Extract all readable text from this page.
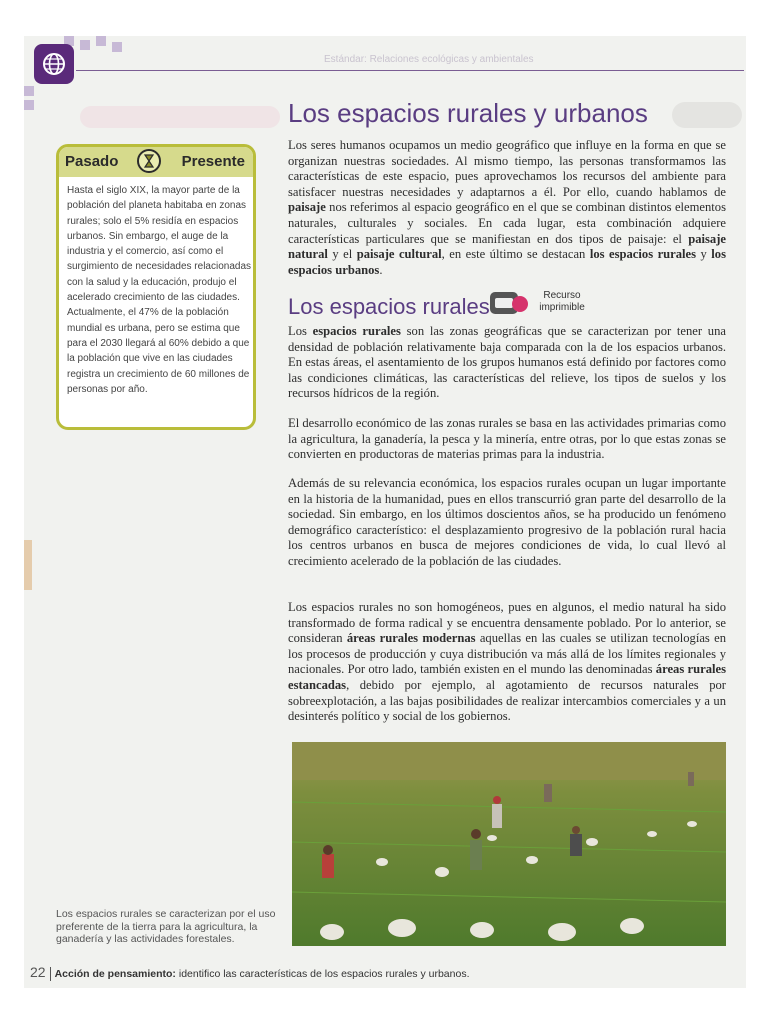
Estándar: Relaciones ecológicas y ambientales
Los espacios rurales y urbanos

Los seres humanos ocupamos un medio geográfico que influye en la forma en que se organizan nuestras sociedades. Al mismo tiempo, las personas transformamos las características de este espacio, pues aprovechamos los recursos del ambiente para satisfacer nuestras necesidades y adaptarnos a él. Por ello, cuando hablamos de paisaje nos referimos al espacio geográfico en el que se combinan distintos elementos naturales, culturales y sociales. En cada lugar, esta combinación adquiere características particulares que se manifiestan en dos tipos de paisaje: el paisaje natural y el paisaje cultural, en este último se destacan los espacios rurales y los espacios urbanos.

Los espacios rurales	Recurso imprimible

Los espacios rurales son las zonas geográficas que se caracterizan por tener una densidad de población relativamente baja comparada con la de los espacios urbanos. En estas áreas, el asentamiento de los grupos humanos está definido por factores como las condiciones climáticas, las características del relieve, los tipos de suelos y los recursos hídricos de la región.

El desarrollo económico de las zonas rurales se basa en las actividades primarias como la agricultura, la ganadería, la pesca y la minería, entre otras, por lo que estas zonas se convierten en productoras de materias primas para la industria.

Además de su relevancia económica, los espacios rurales ocupan un lugar importante en la historia de la humanidad, pues en ellos transcurrió gran parte del desarrollo de la sociedad. Sin embargo, en los últimos doscientos años, se ha producido un fenómeno demográfico característico: el desplazamiento progresivo de la población rural hacia los centros urbanos en busca de mejores condiciones de vida, lo cual llevó al crecimiento acelerado de la población de las ciudades.

Los espacios rurales no son homogéneos, pues en algunos, el medio natural ha sido transformado de forma radical y se encuentra densamente poblado. Por lo anterior, se consideran áreas rurales modernas aquellas en las cuales se utilizan tecnologías en los procesos de producción y cuya distribución va más allá de los límites regionales y nacionales. Por otro lado, también existen en el mundo las denominadas áreas rurales estancadas, debido por ejemplo, al agotamiento de recursos naturales por sobreexplotación, a las bajas posibilidades de realizar intercambios comerciales y a un desinterés político y social de los gobiernos.

Pasado	Presente

Hasta el siglo XIX, la mayor parte de la población del planeta habitaba en zonas rurales; solo el 5% residía en espacios urbanos. Sin embargo, el auge de la industria y el comercio, así como el surgimiento de necesidades relacionadas con la salud y la educación, produjo el acelerado crecimiento de las ciudades. Actualmente, el 47% de la población mundial es urbana, pero se estima que para el 2030 llegará al 60% debido a que la población que vive en las ciudades registra un crecimiento de 60 millones de personas por año.

Los espacios rurales se caracterizan por el uso preferente de la tierra para la agricultura, la ganadería y las actividades forestales.

22 Acción de pensamiento: identifico las características de los espacios rurales y urbanos.
